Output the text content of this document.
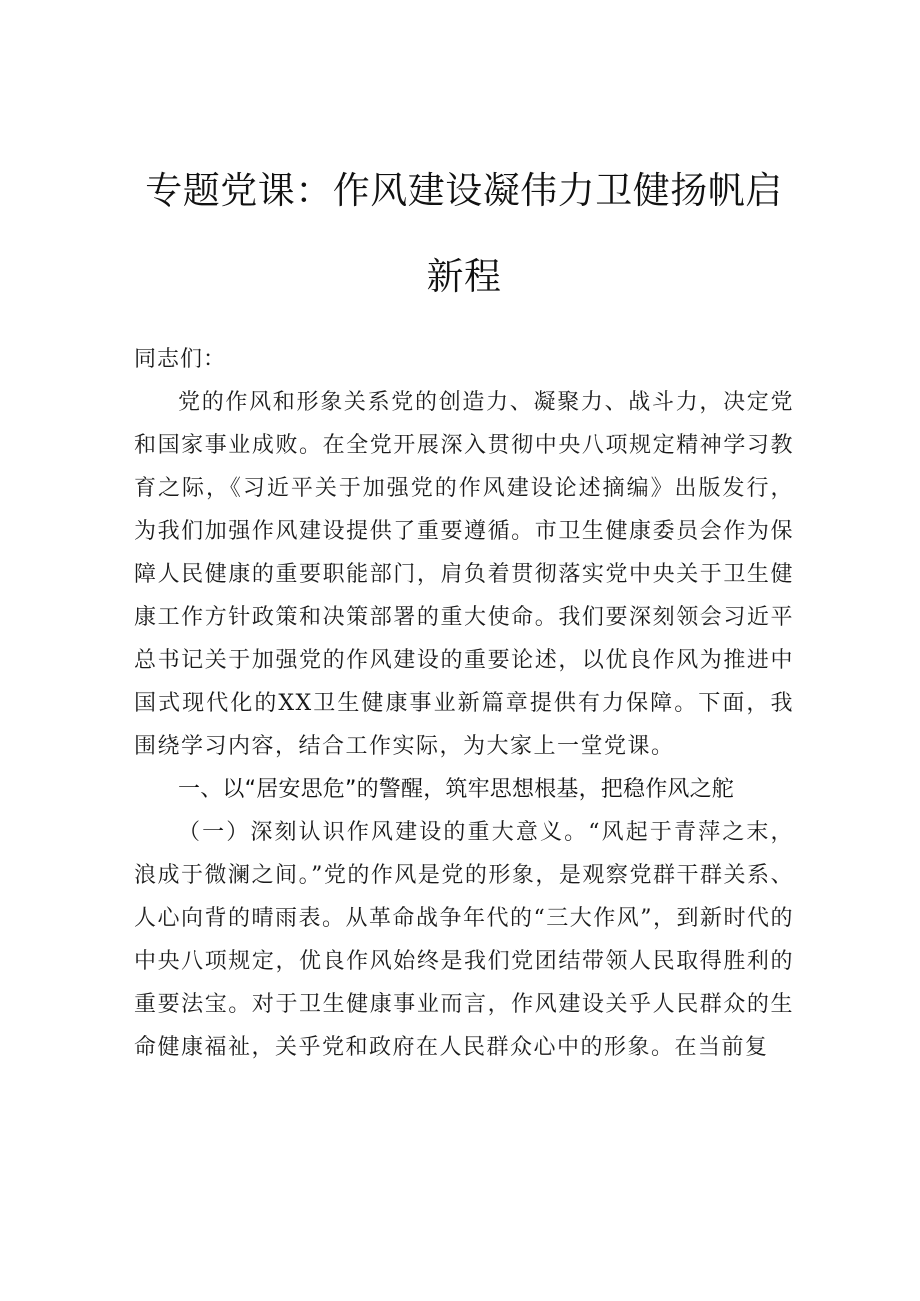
专题党课：作风建设凝伟力卫健扬帆启新程

同志们：

党的作风和形象关系党的创造力、凝聚力、战斗力，决定党和国家事业成败。在全党开展深入贯彻中央八项规定精神学习教育之际，《习近平关于加强党的作风建设论述摘编》出版发行，为我们加强作风建设提供了重要遵循。市卫生健康委员会作为保障人民健康的重要职能部门，肩负着贯彻落实党中央关于卫生健康工作方针政策和决策部署的重大使命。我们要深刻领会习近平总书记关于加强党的作风建设的重要论述，以优良作风为推进中国式现代化的XX卫生健康事业新篇章提供有力保障。下面，我围绕学习内容，结合工作实际，为大家上一堂党课。

一、以“居安思危”的警醒，筑牢思想根基，把稳作风之舵

（一）深刻认识作风建设的重大意义。“风起于青萍之末，浪成于微澜之间。”党的作风是党的形象，是观察党群干群关系、人心向背的晴雨表。从革命战争年代的“三大作风”，到新时代的中央八项规定，优良作风始终是我们党团结带领人民取得胜利的重要法宝。对于卫生健康事业而言，作风建设关乎人民群众的生命健康福祉，关乎党和政府在人民群众心中的形象。在当前复
